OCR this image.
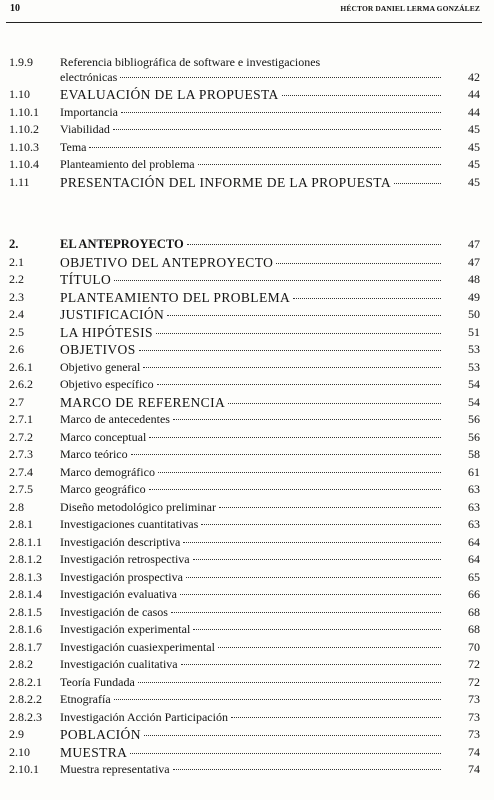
10	HÉCTOR DANIEL LERMA GONZÁLEZ
1.9.9 Referencia bibliográfica de software e investigaciones
electrónicas	42
1.10 EVALUACIÓN DE LA PROPUESTA	44
1.10.1 Importancia	44
1.10.2 Viabilidad	45
1.10.3 Tema	45
1.10.4 Planteamiento del problema	45
1.11 PRESENTACIÓN DEL INFORME DE LA PROPUESTA	45
2.	EL ANTEPROYECTO	47
2.1	OBJETIVO DEL ANTEPROYECTO	47
2.2	TÍTULO	48
2.3	PLANTEAMIENTO DEL PROBLEMA	49
2.4	JUSTIFICACIÓN	50
2.5	LA HIPÓTESIS	51
2.6	OBJETIVOS	53
2.6.1 Objetivo general	53
2.6.2 Objetivo específico	54
2.7	MARCO DE REFERENCIA	54
2.7.1 Marco de antecedentes	56
2.7.2 Marco conceptual	56
2.7.3 Marco teórico	58
2.7.4 Marco demográfico	61
2.7.5 Marco geográfico	63
2.8	Diseño metodológico preliminar	63
2.8.1 Investigaciones cuantitativas	63
2.8.1.1 Investigación descriptiva	64
2.8.1.2 Investigación retrospectiva	64
2.8.1.3 Investigación prospectiva	65
2.8.1.4 Investigación evaluativa	66
2.8.1.5 Investigación de casos	68
2.8.1.6 Investigación experimental	68
2.8.1.7 Investigación cuasiexperimental	70
2.8.2 Investigación cualitativa	72
2.8.2.1 Teoría Fundada	72
2.8.2.2 Etnografía	73
2.8.2.3 Investigación Acción Participación	73
2.9	POBLACIÓN	73
2.10 MUESTRA	74
2.10.1 Muestra representativa	74
